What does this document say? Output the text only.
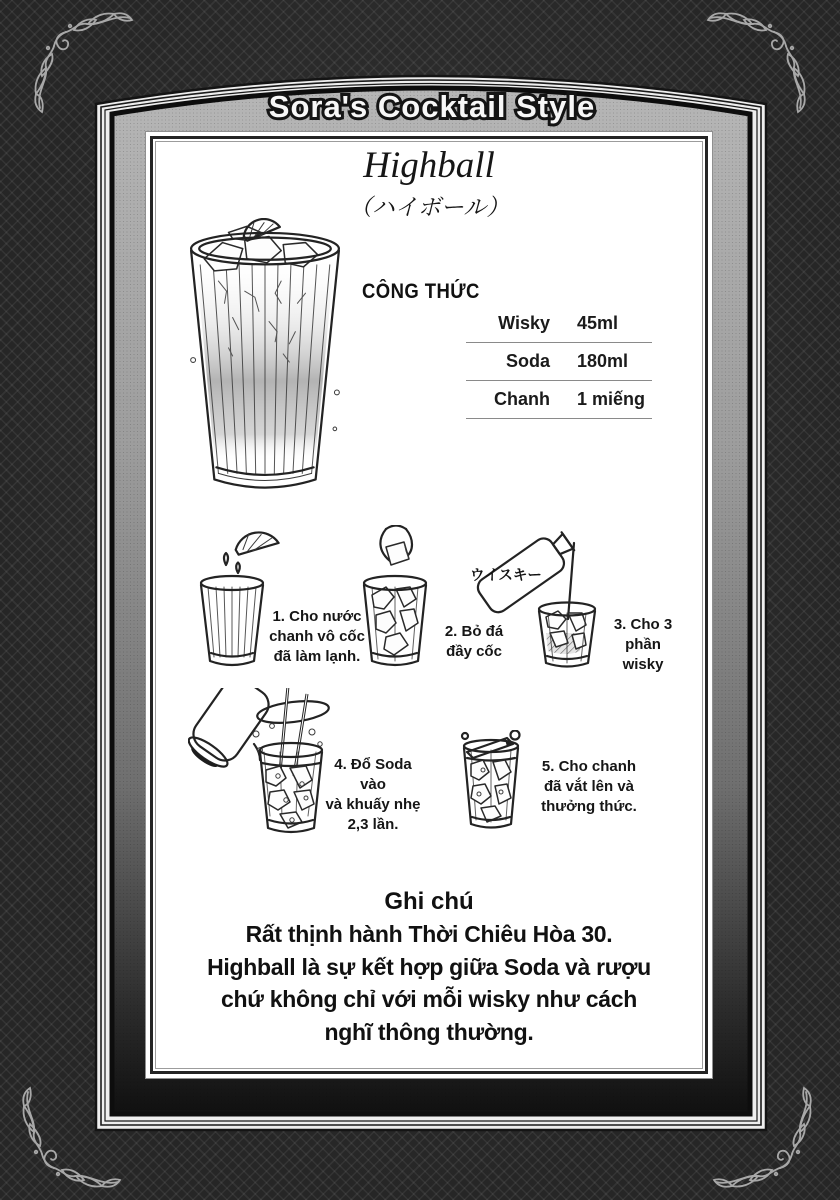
Sora's Cocktail Style
Highball
（ハイボール）
CÔNG THỨC
Wisky 45ml
Soda 180ml
Chanh 1 miếng
1. Cho nước
chanh vô cốc
đã làm lạnh.
2. Bỏ đá
đầy cốc
ウイスキー
3. Cho 3 phần
wisky
4. Đổ Soda vào
và khuấy nhẹ
2,3 lần.
5. Cho chanh
đã vắt lên và
thưởng thức.
Ghi chú
Rất thịnh hành Thời Chiêu Hòa 30.
Highball là sự kết hợp giữa Soda và rượu
chứ không chỉ với mỗi wisky như cách
nghĩ thông thường.
